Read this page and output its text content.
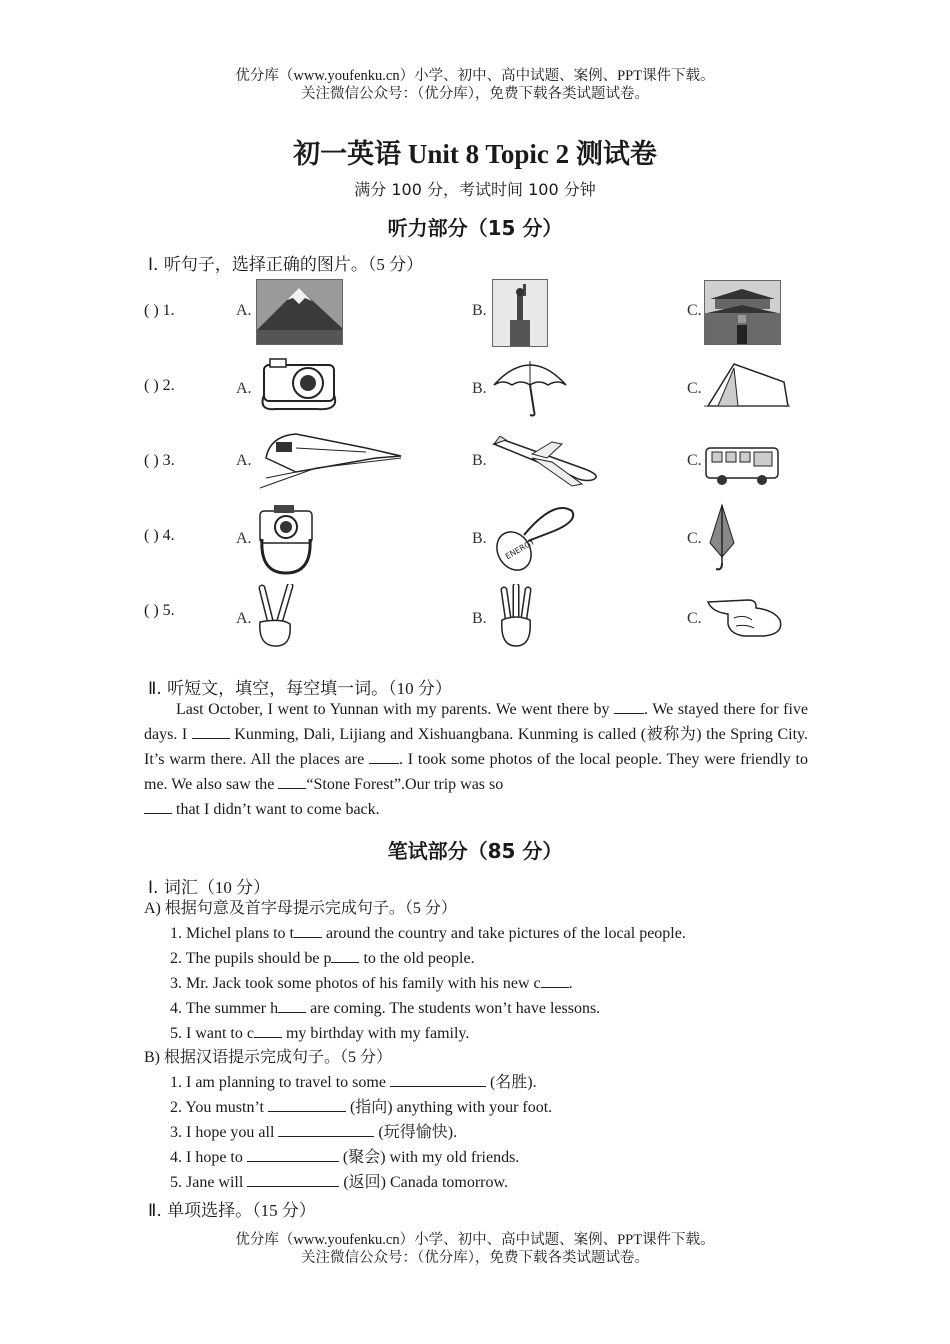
优分库（www.youfenku.cn）小学、初中、高中试题、案例、PPT课件下载。
关注微信公众号：（优分库），免费下载各类试题试卷。
初一英语 Unit 8 Topic 2 测试卷
满分 100 分，考试时间 100 分钟
听力部分（15 分）
Ⅰ. 听句子，选择正确的图片。（5 分）
( ) 1.	A.	B.	C.
( ) 2.	A.	B.	C.
( ) 3.	A.	B.	C.
( ) 4.	A.	B. ENERGY	C.
( ) 5.	A.	B.	C.
Ⅱ. 听短文，填空，每空填一词。（10 分）

Last October, I went to Yunnan with my parents. We went there by . We stayed there for five days. I  Kunming, Dali, Lijiang and Xishuangbana. Kunming is called (被称为) the Spring City. It’s warm there. All the places are . I took some photos of the local people. They were friendly to me. We also saw the “Stone Forest”.Our trip was so

that I didn’t want to come back.

笔试部分（85 分）
Ⅰ. 词汇（10 分）
A) 根据句意及首字母提示完成句子。（5 分）
1. Michel plans to t around the country and take pictures of the local people.
2. The pupils should be p to the old people.
3. Mr. Jack took some photos of his family with his new c .
4. The summer h are coming. The students won’t have lessons.
5. I want to c my birthday with my family.
B) 根据汉语提示完成句子。（5 分）
1. I am planning to travel to some	(名胜).
2. You mustn’t	(指向) anything with your foot.
3. I hope you all	(玩得愉快).
4. I hope to	(聚会) with my old friends.
5. Jane will	(返回) Canada tomorrow.
Ⅱ. 单项选择。（15 分）
优分库（www.youfenku.cn）小学、初中、高中试题、案例、PPT课件下载。
关注微信公众号：（优分库），免费下载各类试题试卷。
